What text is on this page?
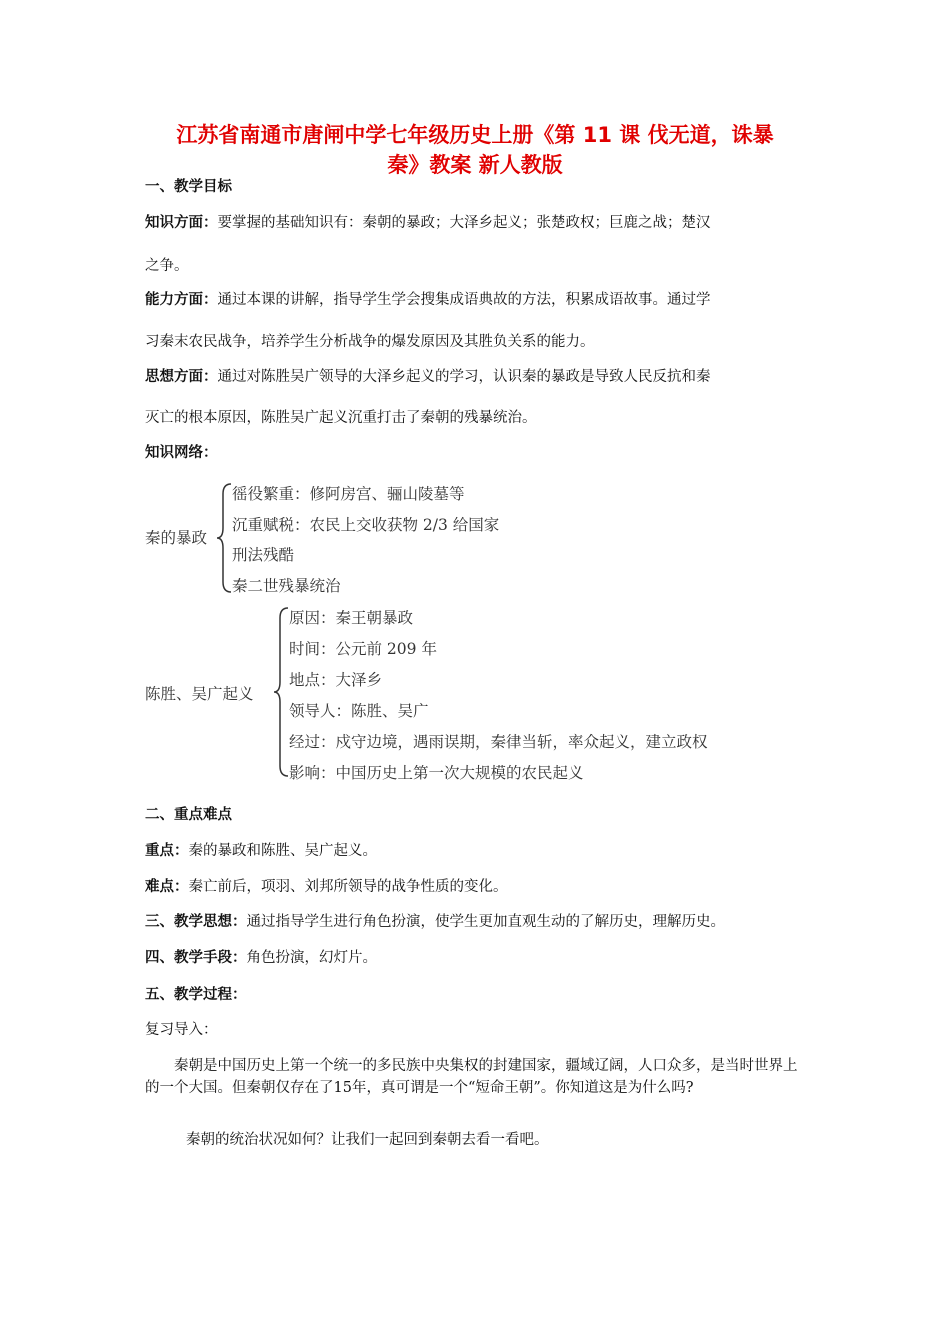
江苏省南通市唐闸中学七年级历史上册《第 11 课 伐无道，诛暴
秦》教案 新人教版
一、教学目标
知识方面：要掌握的基础知识有：秦朝的暴政；大泽乡起义；张楚政权；巨鹿之战；楚汉
之争。
能力方面：通过本课的讲解，指导学生学会搜集成语典故的方法，积累成语故事。通过学
习秦末农民战争，培养学生分析战争的爆发原因及其胜负关系的能力。
思想方面：通过对陈胜吴广领导的大泽乡起义的学习，认识秦的暴政是导致人民反抗和秦
灭亡的根本原因，陈胜吴广起义沉重打击了秦朝的残暴统治。
知识网络：
秦的暴政
徭役繁重：修阿房宫、骊山陵墓等
沉重赋税：农民上交收获物 2/3 给国家
刑法残酷
秦二世残暴统治
陈胜、吴广起义
原因：秦王朝暴政
时间：公元前 209 年
地点：大泽乡
领导人：陈胜、吴广
经过：戍守边境，遇雨误期，秦律当斩，率众起义，建立政权
影响：中国历史上第一次大规模的农民起义
二、重点难点
重点：秦的暴政和陈胜、吴广起义。
难点：秦亡前后，项羽、刘邦所领导的战争性质的变化。
三、教学思想：通过指导学生进行角色扮演，使学生更加直观生动的了解历史，理解历史。
四、教学手段：角色扮演，幻灯片。
五、教学过程：
复习导入：
秦朝是中国历史上第一个统一的多民族中央集权的封建国家，疆域辽阔，人口众多，是当时世界上的一个大国。但秦朝仅存在了15年，真可谓是一个“短命王朝”。你知道这是为什么吗?
秦朝的统治状况如何？让我们一起回到秦朝去看一看吧。
